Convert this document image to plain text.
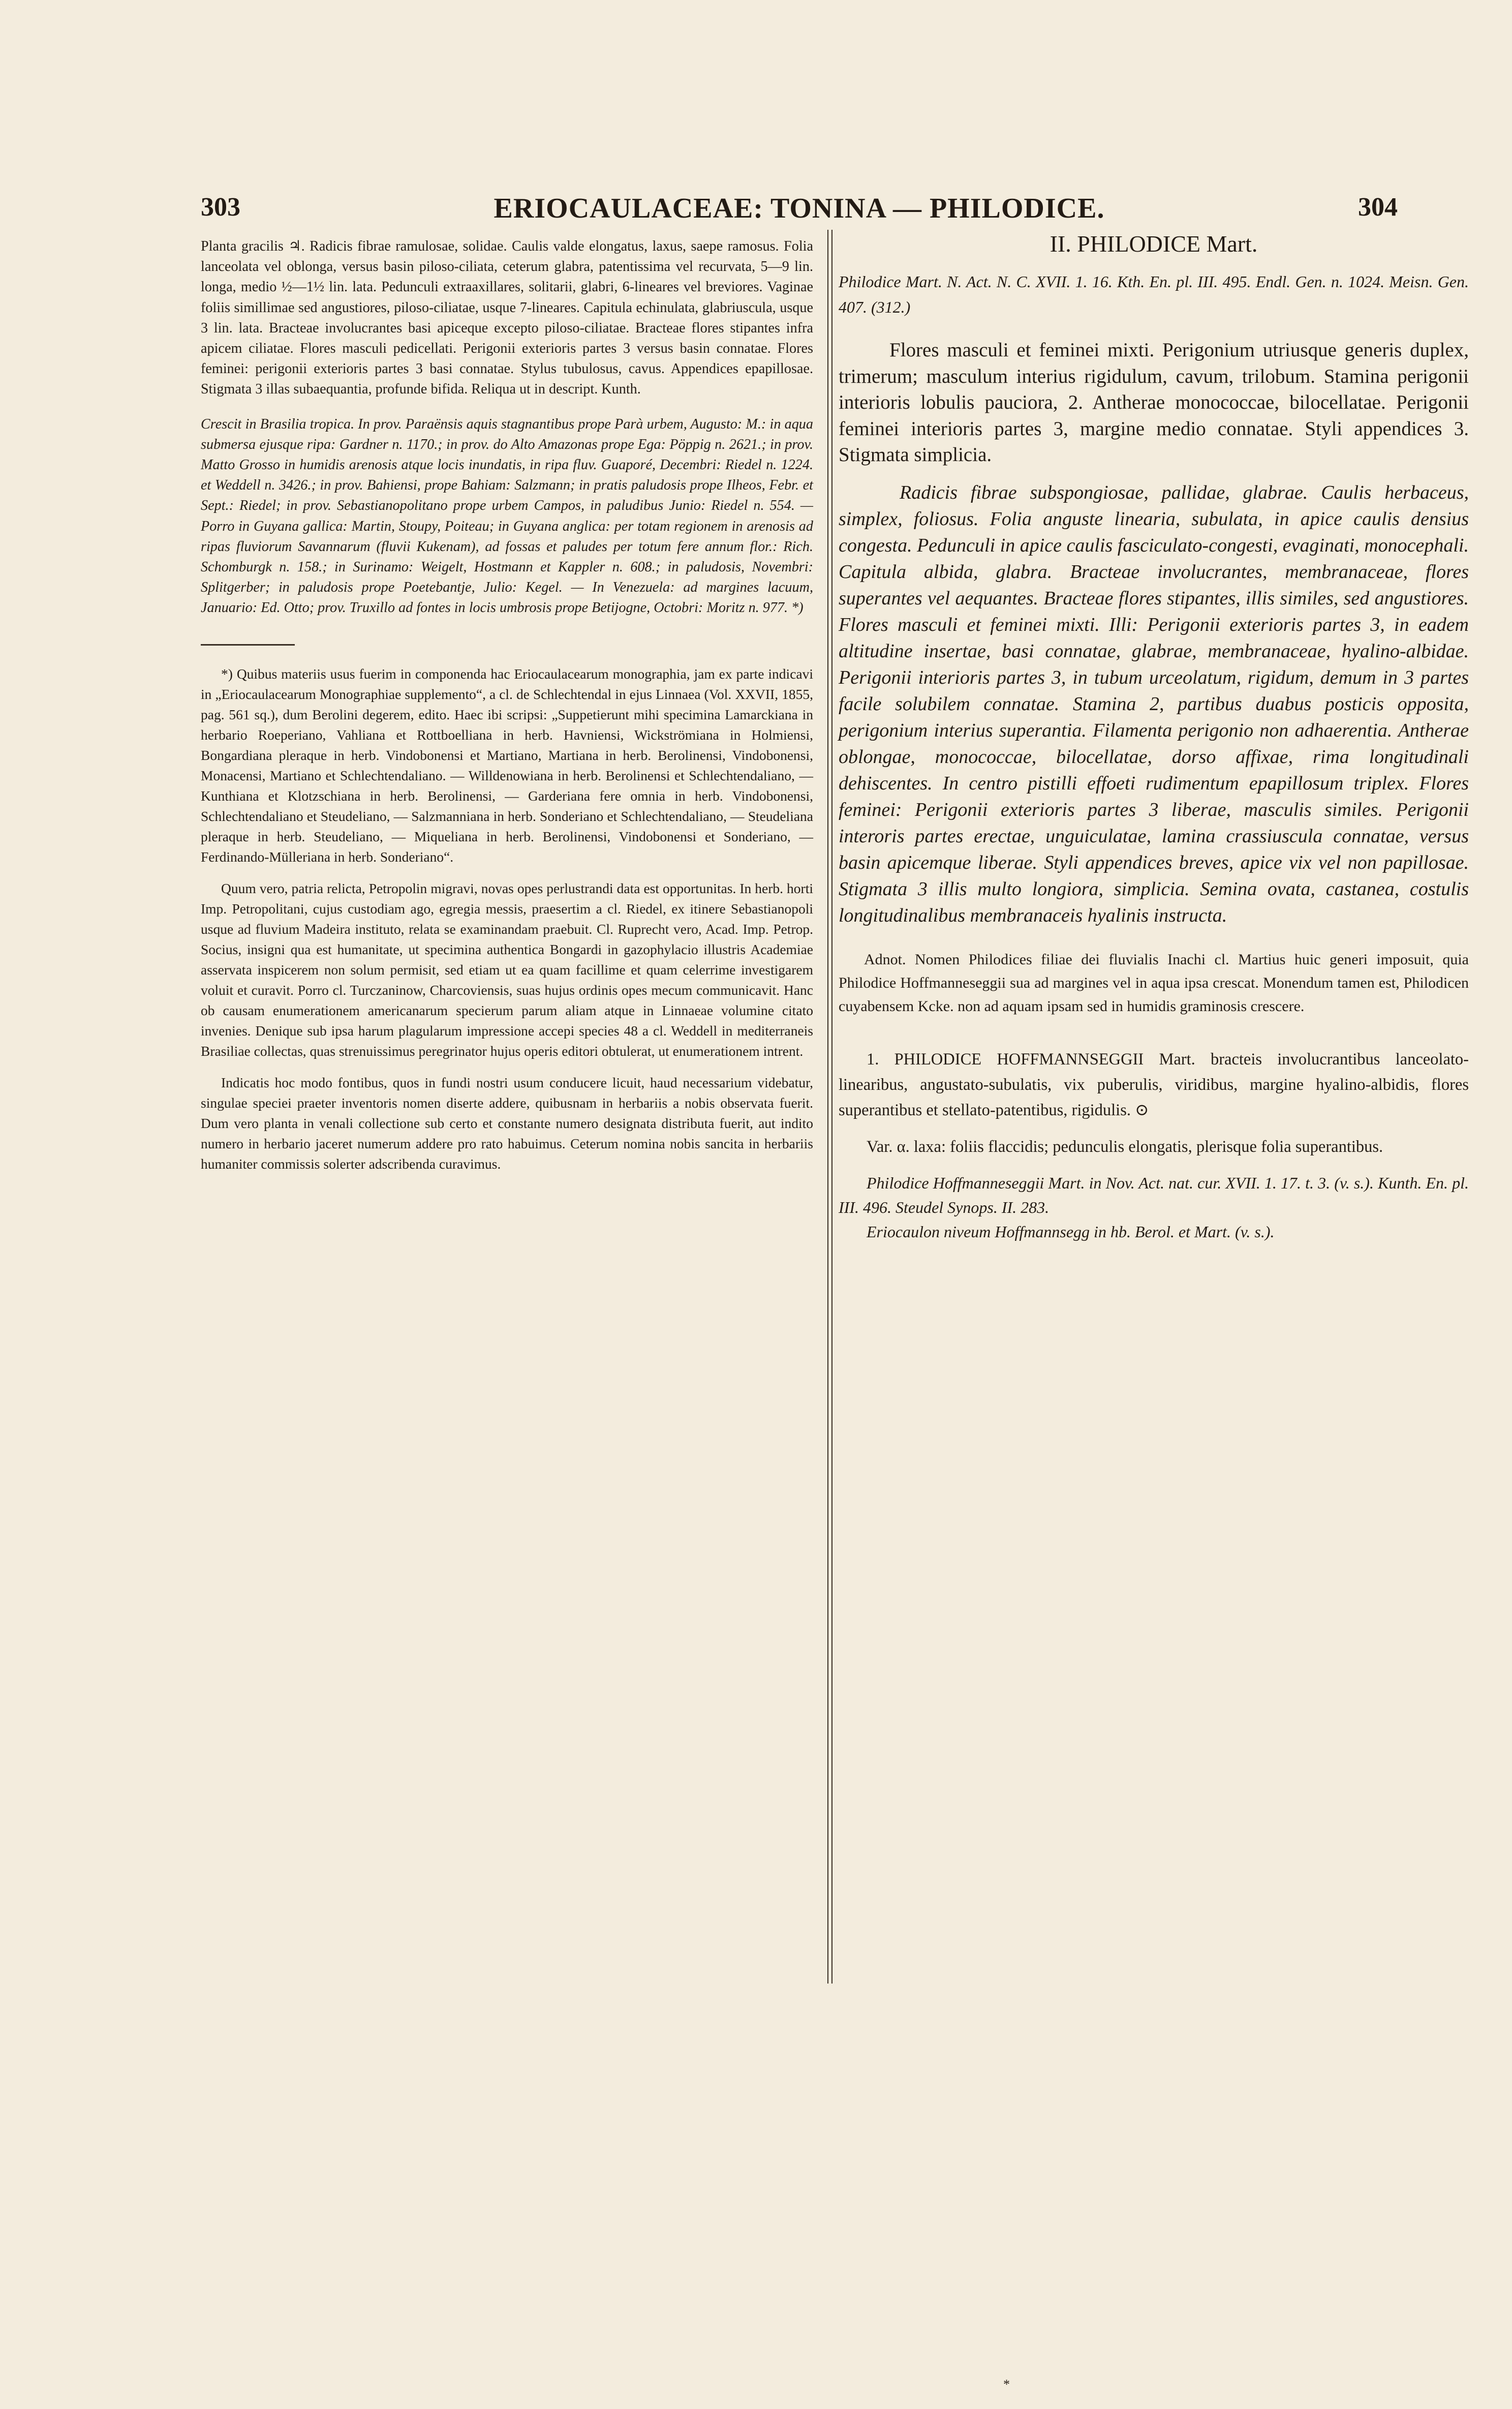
303	ERIOCAULACEAE: TONINA — PHILODICE.	304

Planta gracilis ♃. Radicis fibrae ramulosae, solidae. Caulis valde elongatus, laxus, saepe ramosus. Folia lanceolata vel oblonga, versus basin piloso-ciliata, ceterum glabra, patentissima vel recurvata, 5—9 lin. longa, medio ½—1½ lin. lata. Pedunculi extraaxillares, solitarii, glabri, 6-lineares vel breviores. Vaginae foliis simillimae sed angustiores, piloso-ciliatae, usque 7-lineares. Capitula echinulata, glabriuscula, usque 3 lin. lata. Bracteae involucrantes basi apiceque excepto piloso-ciliatae. Bracteae flores stipantes infra apicem ciliatae. Flores masculi pedicellati. Perigonii exterioris partes 3 versus basin connatae. Flores feminei: perigonii exterioris partes 3 basi connatae. Stylus tubulosus, cavus. Appendices epapillosae. Stigmata 3 illas subaequantia, profunde bifida. Reliqua ut in descript. Kunth.

Crescit in Brasilia tropica. In prov. Paraënsis aquis stagnantibus prope Parà urbem, Augusto: M.: in aqua submersa ejusque ripa: Gardner n. 1170.; in prov. do Alto Amazonas prope Ega: Pöppig n. 2621.; in prov. Matto Grosso in humidis arenosis atque locis inundatis, in ripa fluv. Guaporé, Decembri: Riedel n. 1224. et Weddell n. 3426.; in prov. Bahiensi, prope Bahiam: Salzmann; in pratis paludosis prope Ilheos, Febr. et Sept.: Riedel; in prov. Sebastianopolitano prope urbem Campos, in paludibus Junio: Riedel n. 554. — Porro in Guyana gallica: Martin, Stoupy, Poiteau; in Guyana anglica: per totam regionem in arenosis ad ripas fluviorum Savannarum (fluvii Kukenam), ad fossas et paludes per totum fere annum flor.: Rich. Schomburgk n. 158.; in Surinamo: Weigelt, Hostmann et Kappler n. 608.; in paludosis, Novembri: Splitgerber; in paludosis prope Poetebantje, Julio: Kegel. — In Venezuela: ad margines lacuum, Januario: Ed. Otto; prov. Truxillo ad fontes in locis umbrosis prope Betijogne, Octobri: Moritz n. 977. *)

*) Quibus materiis usus fuerim in componenda hac Eriocaulacearum monographia, jam ex parte indicavi in „Eriocaulacearum Monographiae supplemento“, a cl. de Schlechtendal in ejus Linnaea (Vol. XXVII, 1855, pag. 561 sq.), dum Berolini degerem, edito. Haec ibi scripsi: „Suppetierunt mihi specimina Lamarckiana in herbario Roeperiano, Vahliana et Rottboelliana in herb. Havniensi, Wickströmiana in Holmiensi, Bongardiana pleraque in herb. Vindobonensi et Martiano, Martiana in herb. Berolinensi, Vindobonensi, Monacensi, Martiano et Schlechtendaliano. — Willdenowiana in herb. Berolinensi et Schlechtendaliano, — Kunthiana et Klotzschiana in herb. Berolinensi, — Garderiana fere omnia in herb. Vindobonensi, Schlechtendaliano et Steudeliano, — Salzmanniana in herb. Sonderiano et Schlechtendaliano, — Steudeliana pleraque in herb. Steudeliano, — Miqueliana in herb. Berolinensi, Vindobonensi et Sonderiano, — Ferdinando-Mülleriana in herb. Sonderiano“.

Quum vero, patria relicta, Petropolin migravi, novas opes perlustrandi data est opportunitas. In herb. horti Imp. Petropolitani, cujus custodiam ago, egregia messis, praesertim a cl. Riedel, ex itinere Sebastianopoli usque ad fluvium Madeira instituto, relata se examinandam praebuit. Cl. Ruprecht vero, Acad. Imp. Petrop. Socius, insigni qua est humanitate, ut specimina authentica Bongardi in gazophylacio illustris Academiae asservata inspicerem non solum permisit, sed etiam ut ea quam facillime et quam celerrime investigarem voluit et curavit. Porro cl. Turczaninow, Charcoviensis, suas hujus ordinis opes mecum communicavit. Hanc ob causam enumerationem americanarum specierum parum aliam atque in Linnaeae volumine citato invenies. Denique sub ipsa harum plagularum impressione accepi species 48 a cl. Weddell in mediterraneis Brasiliae collectas, quas strenuissimus peregrinator hujus operis editori obtulerat, ut enumerationem intrent.

Indicatis hoc modo fontibus, quos in fundi nostri usum conducere licuit, haud necessarium videbatur, singulae speciei praeter inventoris nomen diserte addere, quibusnam in herbariis a nobis observata fuerit. Dum vero planta in venali collectione sub certo et constante numero designata distributa fuerit, aut indito numero in herbario jaceret numerum addere pro rato habuimus. Ceterum nomina nobis sancita in herbariis humaniter commissis solerter adscribenda curavimus.

II. PHILODICE Mart.

Philodice Mart. N. Act. N. C. XVII. 1. 16. Kth. En. pl. III. 495. Endl. Gen. n. 1024. Meisn. Gen. 407. (312.)

Flores masculi et feminei mixti. Perigonium utriusque generis duplex, trimerum; masculum interius rigidulum, cavum, trilobum. Stamina perigonii interioris lobulis pauciora, 2. Antherae monococcae, bilocellatae. Perigonii feminei interioris partes 3, margine medio connatae. Styli appendices 3. Stigmata simplicia.

Radicis fibrae subspongiosae, pallidae, glabrae. Caulis herbaceus, simplex, foliosus. Folia anguste linearia, subulata, in apice caulis densius congesta. Pedunculi in apice caulis fasciculato-congesti, evaginati, monocephali. Capitula albida, glabra. Bracteae involucrantes, membranaceae, flores superantes vel aequantes. Bracteae flores stipantes, illis similes, sed angustiores. Flores masculi et feminei mixti. Illi: Perigonii exterioris partes 3, in eadem altitudine insertae, basi connatae, glabrae, membranaceae, hyalino-albidae. Perigonii interioris partes 3, in tubum urceolatum, rigidum, demum in 3 partes facile solubilem connatae. Stamina 2, partibus duabus posticis opposita, perigonium interius superantia. Filamenta perigonio non adhaerentia. Antherae oblongae, monococcae, bilocellatae, dorso affixae, rima longitudinali dehiscentes. In centro pistilli effoeti rudimentum epapillosum triplex. Flores feminei: Perigonii exterioris partes 3 liberae, masculis similes. Perigonii interoris partes erectae, unguiculatae, lamina crassiuscula connatae, versus basin apicemque liberae. Styli appendices breves, apice vix vel non papillosae. Stigmata 3 illis multo longiora, simplicia. Semina ovata, castanea, costulis longitudinalibus membranaceis hyalinis instructa.

Adnot. Nomen Philodices filiae dei fluvialis Inachi cl. Martius huic generi imposuit, quia Philodice Hoffmanneseggii sua ad margines vel in aqua ipsa crescat. Monendum tamen est, Philodicen cuyabensem Kcke. non ad aquam ipsam sed in humidis graminosis crescere.

1. PHILODICE HOFFMANNSEGGII Mart. bracteis involucrantibus lanceolato-linearibus, angustato-subulatis, vix puberulis, viridibus, margine hyalino-albidis, flores superantibus et stellato-patentibus, rigidulis. ⊙

Var. α. laxa: foliis flaccidis; pedunculis elongatis, plerisque folia superantibus.

Philodice Hoffmanneseggii Mart. in Nov. Act. nat. cur. XVII. 1. 17. t. 3. (v. s.). Kunth. En. pl. III. 496. Steudel Synops. II. 283.

Eriocaulon niveum Hoffmannsegg in hb. Berol. et Mart. (v. s.).

*
